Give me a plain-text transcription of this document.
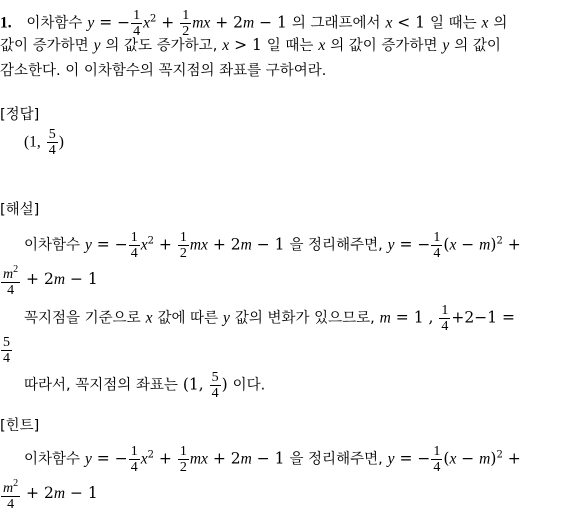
1. 이차함수 y = − $\frac{1}{4} x^2 + \frac{1}{2}$ mx + 2m − 1 의 그래프에서 x < 1 일 때는 x 의
값이 증가하면 y 의 값도 증가하고, x > 1 일 때는 x 의 값이 증가하면 y 의 값이
감소한다. 이 이차함수의 꼭지점의 좌표를 구하여라.
[정답]
(1, $\frac{5}{4}$ )
[해설]
이차함수 y = − $\frac{1}{4} x^2 + \frac{1}{2}$ mx + 2m − 1 을 정리해주면, y = − $\frac{1}{4} (x - m)^2$ +
$\frac{m^2}{4} + 2m - 1$
꼭지점을 기준으로 x 값에 따른 y 값의 변화가 있으므로, m = 1 , $\frac{1}{4} +2-1$ =
$\frac{5}{4}$
따라서, 꼭지점의 좌표는 (1, $\frac{5}{4}$ ) 이다.
[힌트]
이차함수 y = − $\frac{1}{4} x^2 + \frac{1}{2}$ mx + 2m − 1 을 정리해주면, y = − $\frac{1}{4} (x - m)^2$ +
$\frac{m^2}{4} + 2m - 1$
